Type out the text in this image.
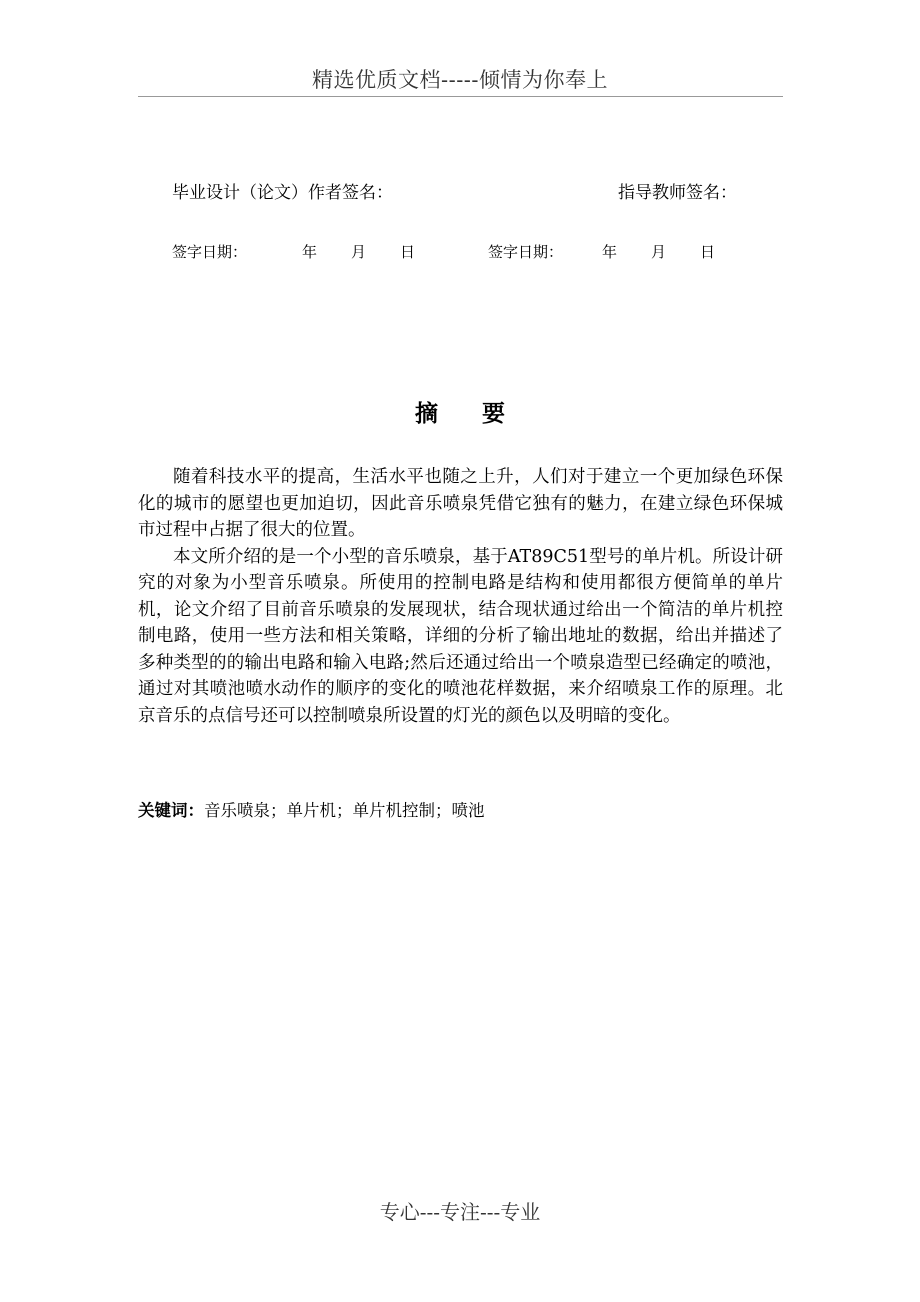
精选优质文档-----倾情为你奉上
毕业设计（论文）作者签名：	指导教师签名：
签字日期：	年 月 日	签字日期：	年 月 日
摘 要

随着科技水平的提高，生活水平也随之上升，人们对于建立一个更加绿色环保化的城市的愿望也更加迫切，因此音乐喷泉凭借它独有的魅力，在建立绿色环保城市过程中占据了很大的位置。

本文所介绍的是一个小型的音乐喷泉，基于AT89C51型号的单片机。所设计研究的对象为小型音乐喷泉。所使用的控制电路是结构和使用都很方便简单的单片机，论文介绍了目前音乐喷泉的发展现状，结合现状通过给出一个简洁的单片机控制电路，使用一些方法和相关策略，详细的分析了输出地址的数据，给出并描述了多种类型的的输出电路和输入电路;然后还通过给出一个喷泉造型已经确定的喷池，通过对其喷池喷水动作的顺序的变化的喷池花样数据，来介绍喷泉工作的原理。北京音乐的点信号还可以控制喷泉所设置的灯光的颜色以及明暗的变化。

关键词：音乐喷泉；单片机；单片机控制；喷池
专心---专注---专业
